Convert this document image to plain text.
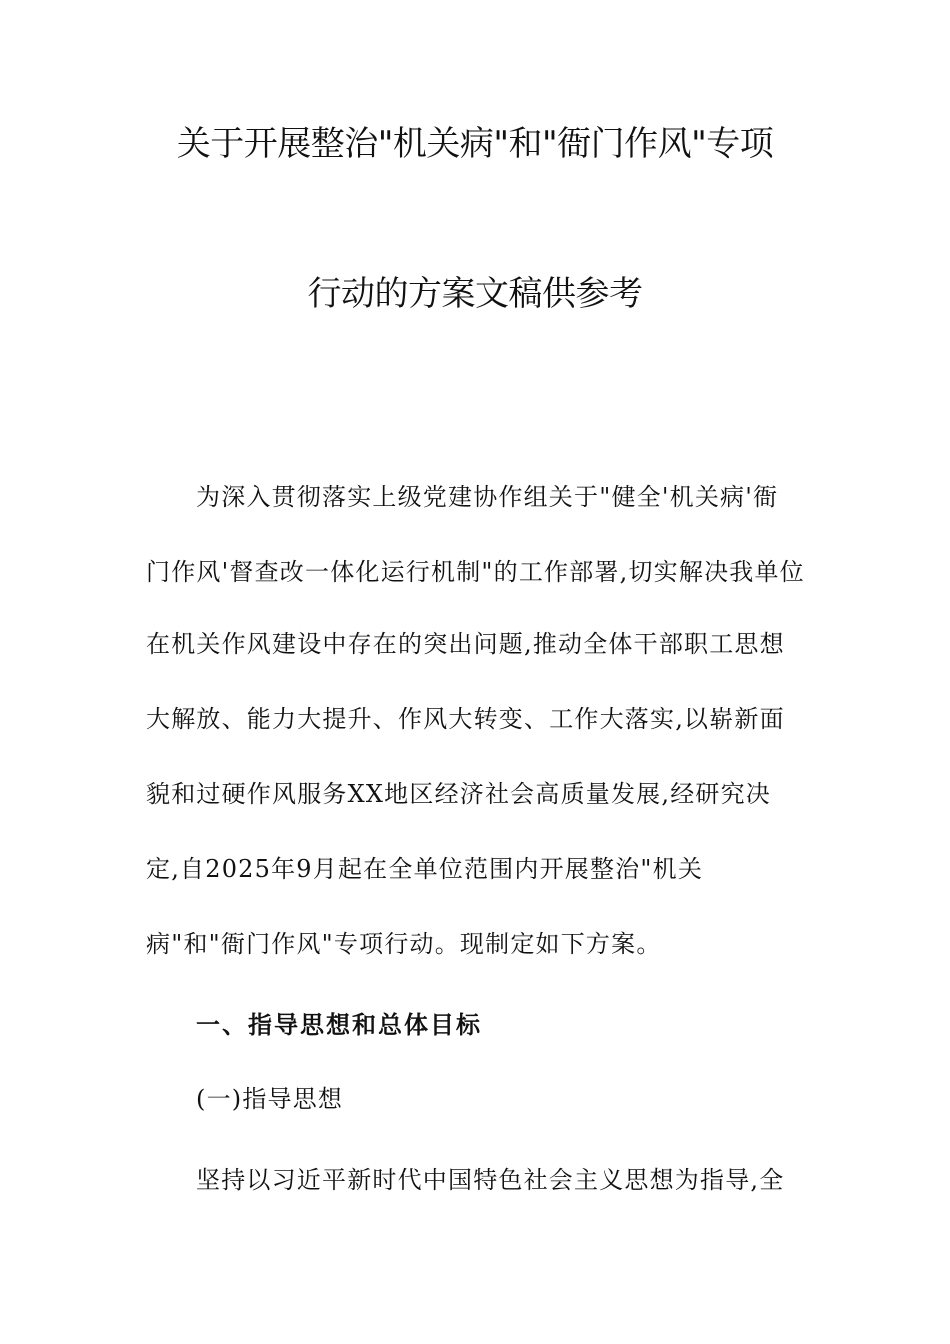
关于开展整治"机关病"和"衙门作风"专项
行动的方案文稿供参考
为深入贯彻落实上级党建协作组关于"健全'机关病'衙
门作风'督查改一体化运行机制"的工作部署,切实解决我单位
在机关作风建设中存在的突出问题,推动全体干部职工思想
大解放、能力大提升、作风大转变、工作大落实,以崭新面
貌和过硬作风服务XX地区经济社会高质量发展,经研究决
定,自2025年9月起在全单位范围内开展整治"机关
病"和"衙门作风"专项行动。现制定如下方案。
一、指导思想和总体目标
(一)指导思想
坚持以习近平新时代中国特色社会主义思想为指导,全
